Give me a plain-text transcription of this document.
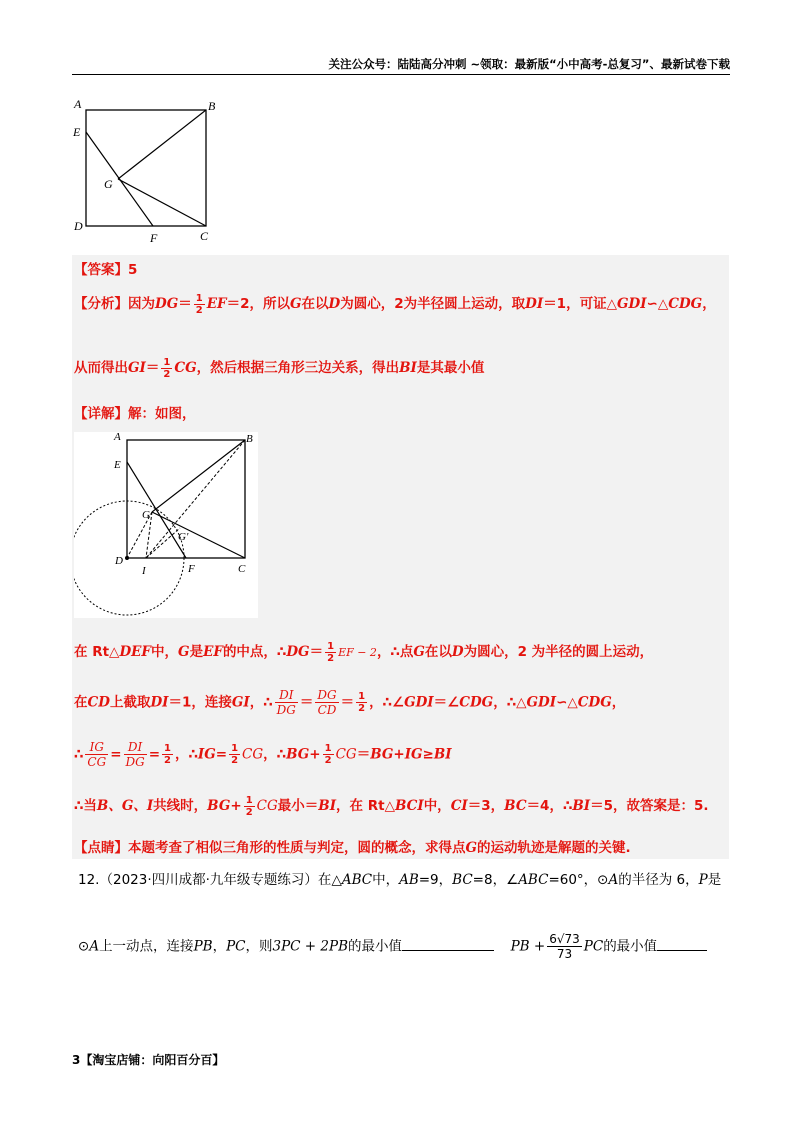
关注公众号：陆陆高分冲刺 ~领取：最新版“小中高考-总复习”、最新试卷下载
A	B
E
G
D
F	C
【答案】5
【分析】因为$DG= \frac{1}{2} EF=2$，所以G在以D为圆心，2为半径圆上运动，取DI＝1，可证△GDI∽△CDG，
从而得出$GI= \frac{1}{2}$ CG，然后根据三角形三边关系，得出BI是其最小值
【详解】解：如图，
A	B
E
G
G'
D
I	F	C
在 Rt△DEF中，G是EF的中点，∴DG＝ $\frac{1}{2}$ EF − 2，∴点G在以D为圆心，2 为半径的圆上运动，
在CD上截取DI＝1，连接GI，∴ $\frac{DI}{DG} = \frac{DG}{CD} = \frac{1}{2}$ ，∴∠GDI＝∠CDG，∴△GDI∽△CDG，
∴ $\frac{IG}{CG} = \frac{DI}{DG} = \frac{1}{2}$ ，∴IG= $\frac{1}{2}$ CG，∴BG+ $\frac{1}{2} CG=BG+IG\ge BI$
∴当B、G、I共线时，$BG+ \frac{1}{2}$ CG最小＝BI，在 Rt△BCI中，CI＝3，BC＝4，∴BI＝5，故答案是：5.
【点睛】本题考查了相似三角形的性质与判定，圆的概念，求得点G的运动轨迹是解题的关键.
12.（2023·四川成都·九年级专题练习）在△ABC中，AB=9，BC=8，∠ABC=60°，⊙A的半径为 6，P是
⊙A上一动点，连接PB，PC，则3PC + 2PB的最小值	PB + $\frac{6√73}{73}$ PC的最小值
3【淘宝店铺：向阳百分百】
